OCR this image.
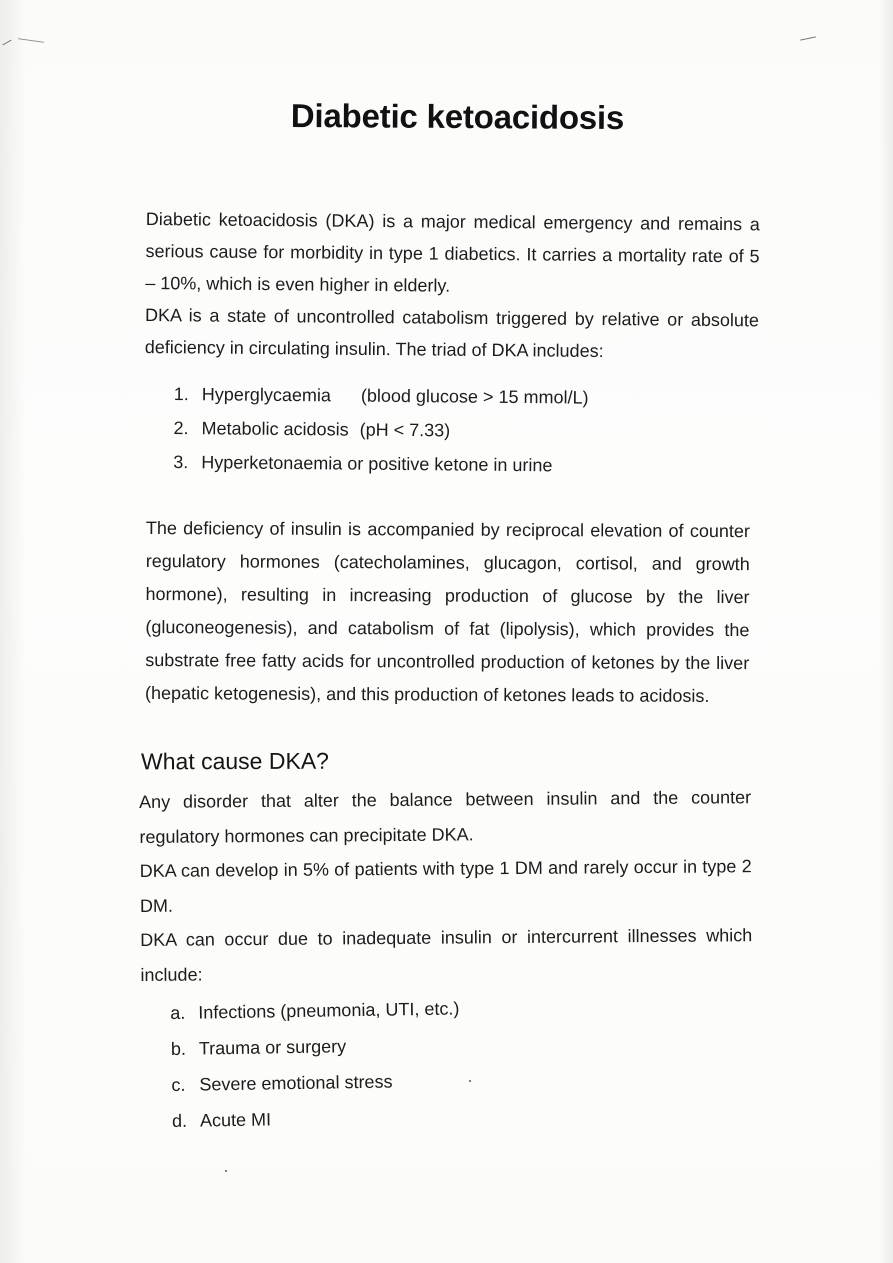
Diabetic ketoacidosis

Diabetic ketoacidosis (DKA) is a major medical emergency and remains a serious cause for morbidity in type 1 diabetics. It carries a mortality rate of 5 – 10%, which is even higher in elderly.

DKA is a state of uncontrolled catabolism triggered by relative or absolute deficiency in circulating insulin. The triad of DKA includes:

1. Hyperglycaemia (blood glucose > 15 mmol/L)
2. Metabolic acidosis (pH < 7.33)
3. Hyperketonaemia or positive ketone in urine

The deficiency of insulin is accompanied by reciprocal elevation of counter regulatory hormones (catecholamines, glucagon, cortisol, and growth hormone), resulting in increasing production of glucose by the liver (gluconeogenesis), and catabolism of fat (lipolysis), which provides the substrate free fatty acids for uncontrolled production of ketones by the liver (hepatic ketogenesis), and this production of ketones leads to acidosis.

What cause DKA?

Any disorder that alter the balance between insulin and the counter regulatory hormones can precipitate DKA.

DKA can develop in 5% of patients with type 1 DM and rarely occur in type 2 DM.

DKA can occur due to inadequate insulin or intercurrent illnesses which include:

a. Infections (pneumonia, UTI, etc.)
b. Trauma or surgery
c. Severe emotional stress
d. Acute MI
